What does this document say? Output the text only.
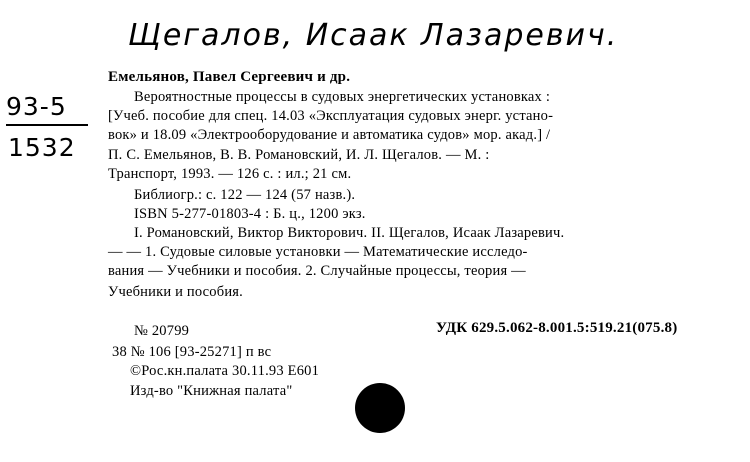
Щегалов, Исаак Лазаревич.
93-5
1532
Емельянов, Павел Сергеевич и др.
Вероятностные процессы в судовых энергетических установках :
[Учеб. пособие для спец. 14.03 «Эксплуатация судовых энерг. устано-
вок» и 18.09 «Электрооборудование и автоматика судов» мор. акад.] /
П. С. Емельянов, В. В. Романовский, И. Л. Щегалов. — М. :
Транспорт, 1993. — 126 с. : ил.; 21 см.
Библиогр.: с. 122 — 124 (57 назв.).
ISBN 5-277-01803-4 : Б. ц., 1200 экз.
I. Романовский, Виктор Викторович. II. Щегалов, Исаак Лазаревич.
— — 1. Судовые силовые установки — Математические исследо-
вания — Учебники и пособия. 2. Случайные процессы, теория —
Учебники и пособия.
№ 20799	УДК 629.5.062-8.001.5:519.21(075.8)
38 № 106 [93-25271] п вс
©Рос.кн.палата 30.11.93 Е601
Изд-во "Книжная палата"
